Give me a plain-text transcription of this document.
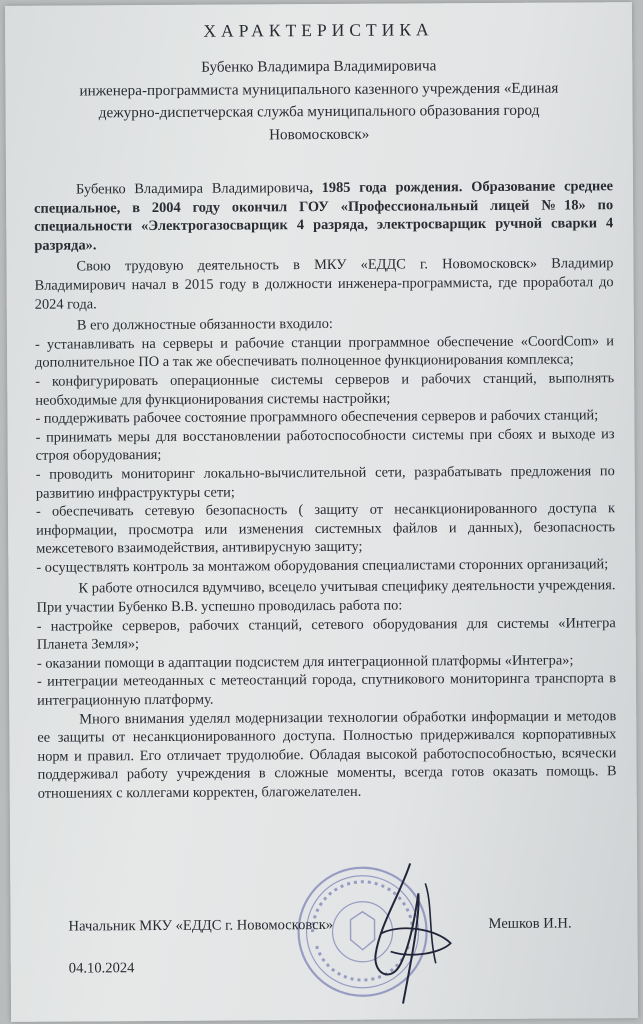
ХАРАКТЕРИСТИКА
Бубенко Владимира Владимировича
инженера-программиста муниципального казенного учреждения «Единая
дежурно-диспетчерская служба муниципального образования город
Новомосковск»

Бубенко Владимира Владимировича, 1985 года рождения. Образование среднее специальное, в 2004 году окончил ГОУ «Профессиональный лицей №18» по специальности «Электрогазосварщик 4 разряда, электросварщик ручной сварки 4 разряда».

Свою трудовую деятельность в МКУ «ЕДДС г. Новомосковск» Владимир Владимирович начал в 2015 году в должности инженера-программиста, где проработал до 2024 года.

В его должностные обязанности входило:

- устанавливать на серверы и рабочие станции программное обеспечение «CoordCom» и дополнительное ПО а так же обеспечивать полноценное функционирования комплекса;

- конфигурировать операционные системы серверов и рабочих станций, выполнять необходимые для функционирования системы настройки;

- поддерживать рабочее состояние программного обеспечения серверов и рабочих станций;

- принимать меры для восстановлении работоспособности системы при сбоях и выходе из строя оборудования;

- проводить мониторинг локально-вычислительной сети, разрабатывать предложения по развитию инфраструктуры сети;

- обеспечивать сетевую безопасность ( защиту от несанкционированного доступа к информации, просмотра или изменения системных файлов и данных), безопасность межсетевого взаимодействия, антивирусную защиту;

- осуществлять контроль за монтажом оборудования специалистами сторонних организаций;

К работе относился вдумчиво, всецело учитывая специфику деятельности учреждения. При участии Бубенко В.В. успешно проводилась работа по:

- настройке серверов, рабочих станций, сетевого оборудования для системы «Интегра Планета Земля»;

- оказании помощи в адаптации подсистем для интеграционной платформы «Интегра»;

- интеграции метеоданных с метеостанций города, спутникового мониторинга транспорта в интеграционную платформу.

Много внимания уделял модернизации технологии обработки информации и методов ее защиты от несанкционированного доступа. Полностью придерживался корпоративных норм и правил. Его отличает трудолюбие. Обладая высокой работоспособностью, всячески поддерживал работу учреждения в сложные моменты, всегда готов оказать помощь. В отношениях с коллегами корректен, благожелателен.

Начальник МКУ «ЕДДС г. Новомосковск»	Мешков И.Н.
04.10.2024
